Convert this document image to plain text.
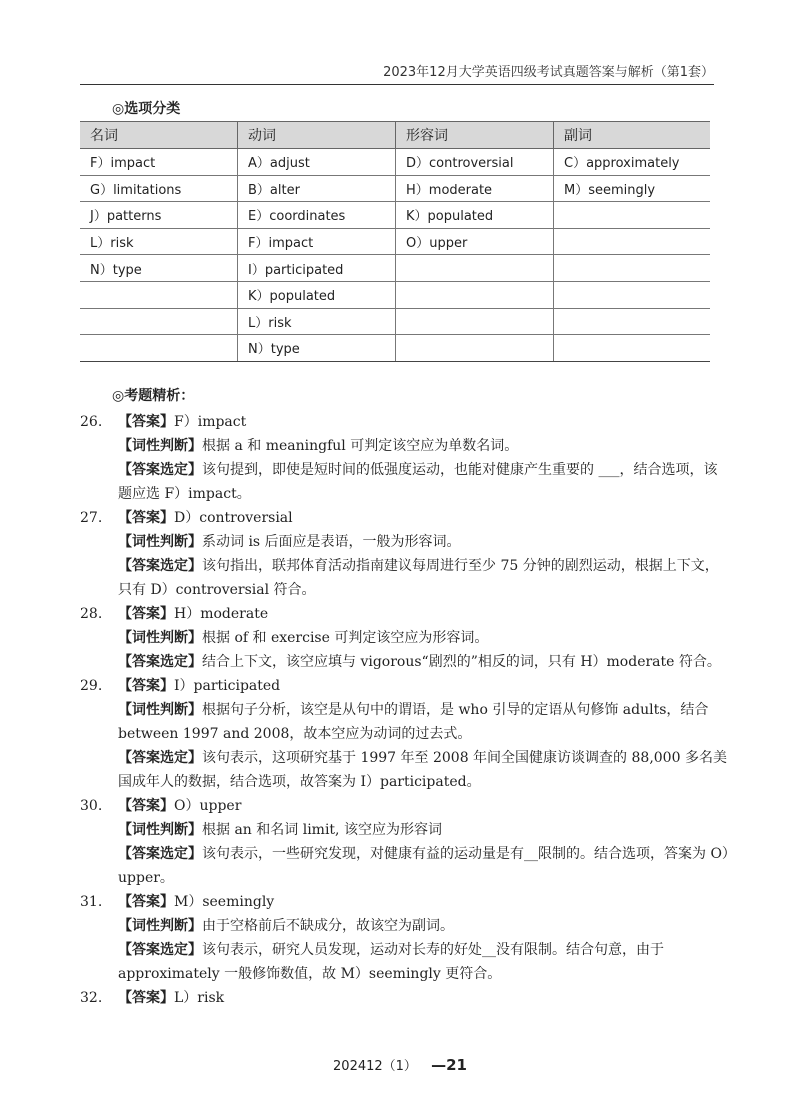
2023年12月大学英语四级考试真题答案与解析（第1套）
◎选项分类
名词	动词	形容词	副词
F）impact	A）adjust	D）controversial	C）approximately
G）limitations	B）alter	H）moderate	M）seemingly
J）patterns	E）coordinates	K）populated	
L）risk	F）impact	O）upper	
N）type	I）participated		
	K）populated		
	L）risk		
	N）type		
◎考题精析：
26.	【答案】F）impact
【词性判断】根据 a 和 meaningful 可判定该空应为单数名词。
【答案选定】该句提到，即使是短时间的低强度运动，也能对健康产生重要的 ___，结合选项，该题应选 F）impact。
27.	【答案】D）controversial
【词性判断】系动词 is 后面应是表语，一般为形容词。
【答案选定】该句指出，联邦体育活动指南建议每周进行至少 75 分钟的剧烈运动，根据上下文，只有 D）controversial 符合。
28.	【答案】H）moderate
【词性判断】根据 of 和 exercise 可判定该空应为形容词。
【答案选定】结合上下文，该空应填与 vigorous“剧烈的”相反的词，只有 H）moderate 符合。
29.	【答案】I）participated
【词性判断】根据句子分析，该空是从句中的谓语，是 who 引导的定语从句修饰 adults，结合 between 1997 and 2008，故本空应为动词的过去式。
【答案选定】该句表示，这项研究基于 1997 年至 2008 年间全国健康访谈调查的 88,000 多名美国成年人的数据，结合选项，故答案为 I）participated。
30.	【答案】O）upper
【词性判断】根据 an 和名词 limit, 该空应为形容词
【答案选定】该句表示，一些研究发现，对健康有益的运动量是有__限制的。结合选项，答案为 O）upper。
31.	【答案】M）seemingly
【词性判断】由于空格前后不缺成分，故该空为副词。
【答案选定】该句表示，研究人员发现，运动对长寿的好处__没有限制。结合句意，由于 approximately 一般修饰数值，故 M）seemingly 更符合。
32.	【答案】L）risk
202412（1） —21
